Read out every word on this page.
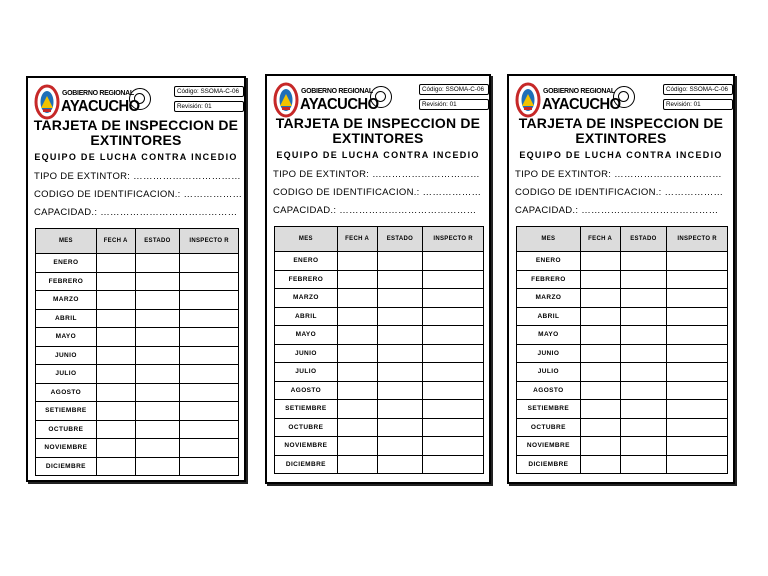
GOBIERNO REGIONAL
AYACUCHO
Código: SSOMA-C-06
Revisión: 01
TARJETA DE INSPECCION DE EXTINTORES
EQUIPO DE LUCHA CONTRA INCEDIO
TIPO DE EXTINTOR: ……………………………
CODIGO DE IDENTIFICACION.: ………………
CAPACIDAD.: ……………………………………
MES	FECH A	ESTADO	INSPECTO R
ENERO			
FEBRERO			
MARZO			
ABRIL			
MAYO			
JUNIO			
JULIO			
AGOSTO			
SETIEMBRE			
OCTUBRE			
NOVIEMBRE			
DICIEMBRE			
GOBIERNO REGIONAL
AYACUCHO
Código: SSOMA-C-06
Revisión: 01
TARJETA DE INSPECCION DE EXTINTORES
EQUIPO DE LUCHA CONTRA INCEDIO
TIPO DE EXTINTOR: ……………………………
CODIGO DE IDENTIFICACION.: ………………
CAPACIDAD.: ……………………………………
MES	FECH A	ESTADO	INSPECTO R
ENERO			
FEBRERO			
MARZO			
ABRIL			
MAYO			
JUNIO			
JULIO			
AGOSTO			
SETIEMBRE			
OCTUBRE			
NOVIEMBRE			
DICIEMBRE			
GOBIERNO REGIONAL
AYACUCHO
Código: SSOMA-C-06
Revisión: 01
TARJETA DE INSPECCION DE EXTINTORES
EQUIPO DE LUCHA CONTRA INCEDIO
TIPO DE EXTINTOR: ……………………………
CODIGO DE IDENTIFICACION.: ………………
CAPACIDAD.: ……………………………………
MES	FECH A	ESTADO	INSPECTO R
ENERO			
FEBRERO			
MARZO			
ABRIL			
MAYO			
JUNIO			
JULIO			
AGOSTO			
SETIEMBRE			
OCTUBRE			
NOVIEMBRE			
DICIEMBRE			
